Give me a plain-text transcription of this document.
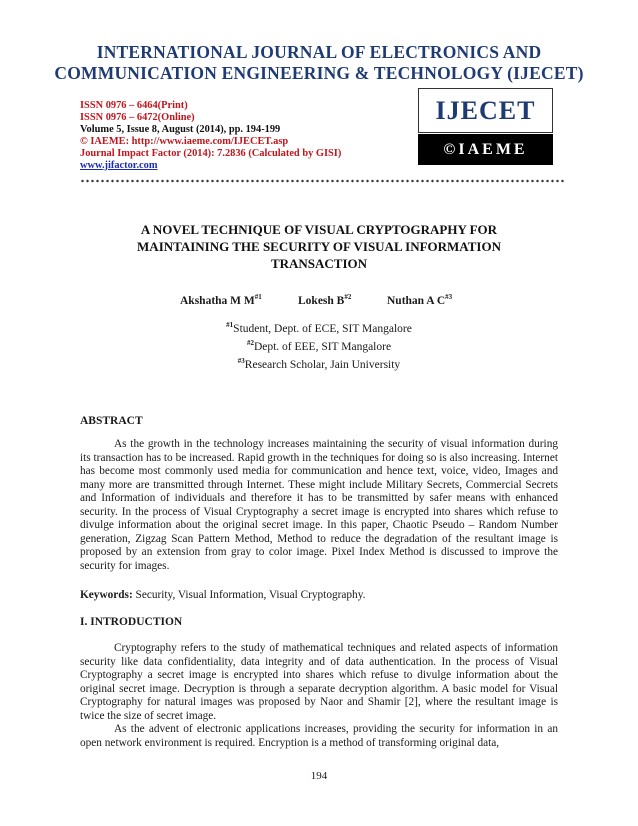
INTERNATIONAL JOURNAL OF ELECTRONICS AND
COMMUNICATION ENGINEERING & TECHNOLOGY (IJECET)
ISSN 0976 – 6464(Print)
ISSN 0976 – 6472(Online)
Volume 5, Issue 8, August (2014), pp. 194-199
© IAEME: http://www.iaeme.com/IJECET.asp
Journal Impact Factor (2014): 7.2836 (Calculated by GISI)
www.jifactor.com
IJECET
©IAEME
A NOVEL TECHNIQUE OF VISUAL CRYPTOGRAPHY FOR
MAINTAINING THE SECURITY OF VISUAL INFORMATION
TRANSACTION
Akshatha M $M^{\#1}$	Lokesh $B^{\#2}$	Nuthan A $C^{\#3}$
$^{\#1}$Student, Dept. of ECE, SIT Mangalore
$^{\#2}$Dept. of EEE, SIT Mangalore
$^{\#3}$Research Scholar, Jain University
ABSTRACT

As the growth in the technology increases maintaining the security of visual information during its transaction has to be increased. Rapid growth in the techniques for doing so is also increasing. Internet has become most commonly used media for communication and hence text, voice, video, Images and many more are transmitted through Internet. These might include Military Secrets, Commercial Secrets and Information of individuals and therefore it has to be transmitted by safer means with enhanced security. In the process of Visual Cryptography a secret image is encrypted into shares which refuse to divulge information about the original secret image. In this paper, Chaotic Pseudo – Random Number generation, Zigzag Scan Pattern Method, Method to reduce the degradation of the resultant image is proposed by an extension from gray to color image. Pixel Index Method is discussed to improve the security for images.

Keywords: Security, Visual Information, Visual Cryptography.
I. INTRODUCTION

Cryptography refers to the study of mathematical techniques and related aspects of information security like data confidentiality, data integrity and of data authentication. In the process of Visual Cryptography a secret image is encrypted into shares which refuse to divulge information about the original secret image. Decryption is through a separate decryption algorithm. A basic model for Visual Cryptography for natural images was proposed by Naor and Shamir [2], where the resultant image is twice the size of secret image.

As the advent of electronic applications increases, providing the security for information in an open network environment is required. Encryption is a method of transforming original data,

194
